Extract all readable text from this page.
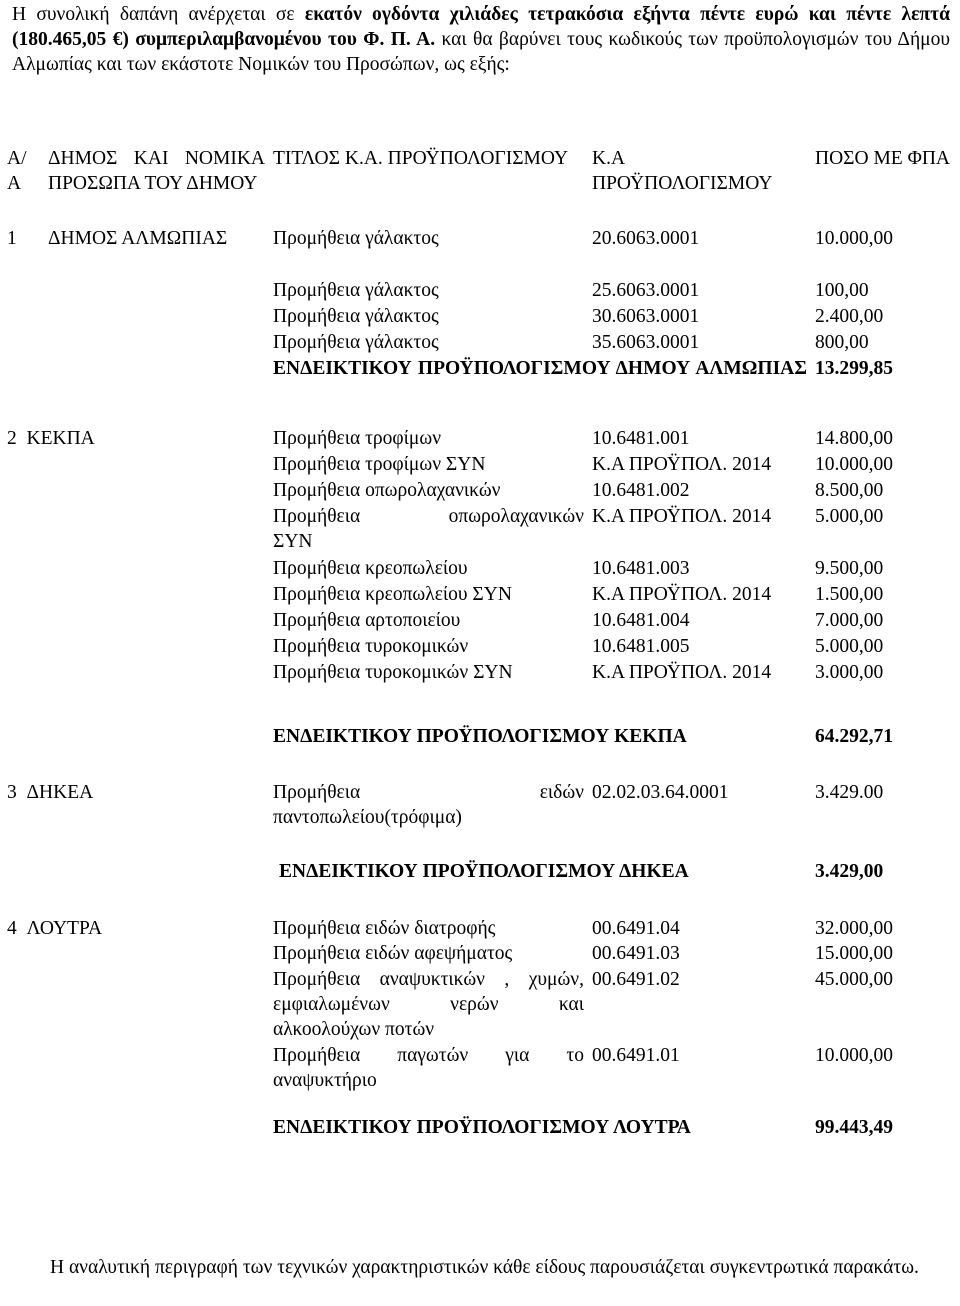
Η συνολική δαπάνη ανέρχεται σε εκατόν ογδόντα χιλιάδες τετρακόσια εξήντα πέντε ευρώ και πέντε λεπτά (180.465,05 €) συμπεριλαμβανομένου του Φ. Π. Α. και θα βαρύνει τους κωδικούς των προϋπολογισμών του Δήμου Αλμωπίας και των εκάστοτε Νομικών του Προσώπων, ως εξής:
Α/ Α	ΔΗΜΟΣ ΚΑΙ ΝΟΜΙΚΑ ΠΡΟΣΩΠΑ ΤΟΥ ΔΗΜΟΥ	ΤΙΤΛΟΣ Κ.Α. ΠΡΟΫΠΟΛΟΓΙΣΜΟΥ	Κ.Α ΠΡΟΫΠΟΛΟΓΙΣΜΟΥ	ΠΟΣΟ ΜΕ ΦΠΑ
1	ΔΗΜΟΣ ΑΛΜΩΠΙΑΣ	Προμήθεια γάλακτος	20.6063.0001	10.000,00
		Προμήθεια γάλακτος	25.6063.0001	100,00
		Προμήθεια γάλακτος	30.6063.0001	2.400,00
		Προμήθεια γάλακτος	35.6063.0001	800,00
		ΕΝΔΕΙΚΤΙΚΟΥ ΠΡΟΫΠΟΛΟΓΙΣΜΟΥ ΔΗΜΟΥ ΑΛΜΩΠΙΑΣ		13.299,85
2 ΚΕΚΠΑ		Προμήθεια τροφίμων	10.6481.001	14.800,00
		Προμήθεια τροφίμων ΣΥΝ	Κ.Α ΠΡΟΫΠΟΛ. 2014	10.000,00
		Προμήθεια οπωρολαχανικών	10.6481.002	8.500,00
		Προμήθεια οπωρολαχανικών ΣΥΝ	Κ.Α ΠΡΟΫΠΟΛ. 2014	5.000,00
		Προμήθεια κρεοπωλείου	10.6481.003	9.500,00
		Προμήθεια κρεοπωλείου ΣΥΝ	Κ.Α ΠΡΟΫΠΟΛ. 2014	1.500,00
		Προμήθεια αρτοποιείου	10.6481.004	7.000,00
		Προμήθεια τυροκομικών	10.6481.005	5.000,00
		Προμήθεια τυροκομικών ΣΥΝ	Κ.Α ΠΡΟΫΠΟΛ. 2014	3.000,00
		ΕΝΔΕΙΚΤΙΚΟΥ ΠΡΟΫΠΟΛΟΓΙΣΜΟΥ ΚΕΚΠΑ		64.292,71
3 ΔΗΚΕΑ		Προμήθεια ειδών παντοπωλείου(τρόφιμα)	02.02.03.64.0001	3.429.00
		ΕΝΔΕΙΚΤΙΚΟΥ ΠΡΟΫΠΟΛΟΓΙΣΜΟΥ ΔΗΚΕΑ		3.429,00
4 ΛΟΥΤΡΑ		Προμήθεια ειδών διατροφής	00.6491.04	32.000,00
		Προμήθεια ειδών αφεψήματος	00.6491.03	15.000,00
		Προμήθεια αναψυκτικών , χυμών, εμφιαλωμένων νερών και αλκοολούχων ποτών	00.6491.02	45.000,00
		Προμήθεια παγωτών για το αναψυκτήριο	00.6491.01	10.000,00
		ΕΝΔΕΙΚΤΙΚΟΥ ΠΡΟΫΠΟΛΟΓΙΣΜΟΥ ΛΟΥΤΡΑ		99.443,49
Η αναλυτική περιγραφή των τεχνικών χαρακτηριστικών κάθε είδους παρουσιάζεται συγκεντρωτικά παρακάτω.
